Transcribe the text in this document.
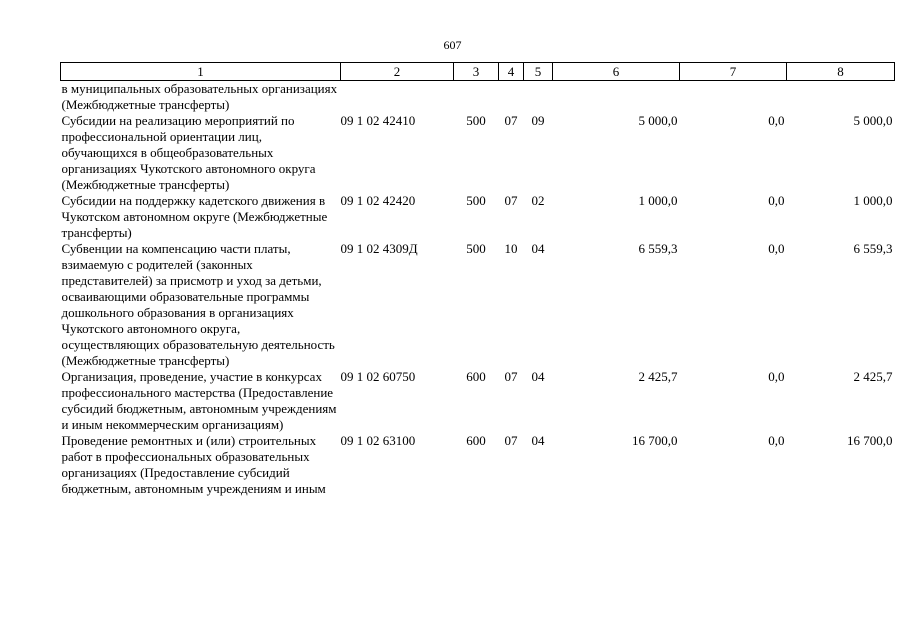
607
1	2	3	4	5	6	7	8
в муниципальных образовательных организациях (Межбюджетные трансферты)							
Субсидии на реализацию мероприятий по профессиональной ориентации лиц, обучающихся в общеобразовательных организациях Чукотского автономного округа (Межбюджетные трансферты)	09 1 02 42410	500	07	09	5 000,0	0,0	5 000,0
Субсидии на поддержку кадетского движения в Чукотском автономном округе (Межбюджетные трансферты)	09 1 02 42420	500	07	02	1 000,0	0,0	1 000,0
Субвенции на компенсацию части платы, взимаемую с родителей (законных представителей) за присмотр и уход за детьми, осваивающими образовательные программы дошкольного образования в организациях Чукотского автономного округа, осуществляющих образовательную деятельность (Межбюджетные трансферты)	09 1 02 4309Д	500	10	04	6 559,3	0,0	6 559,3
Организация, проведение, участие в конкурсах профессионального мастерства (Предоставление субсидий бюджетным, автономным учреждениям и иным некоммерческим организациям)	09 1 02 60750	600	07	04	2 425,7	0,0	2 425,7
Проведение ремонтных и (или) строительных работ в профессиональных образовательных организациях (Предоставление субсидий бюджетным, автономным учреждениям и иным	09 1 02 63100	600	07	04	16 700,0	0,0	16 700,0
